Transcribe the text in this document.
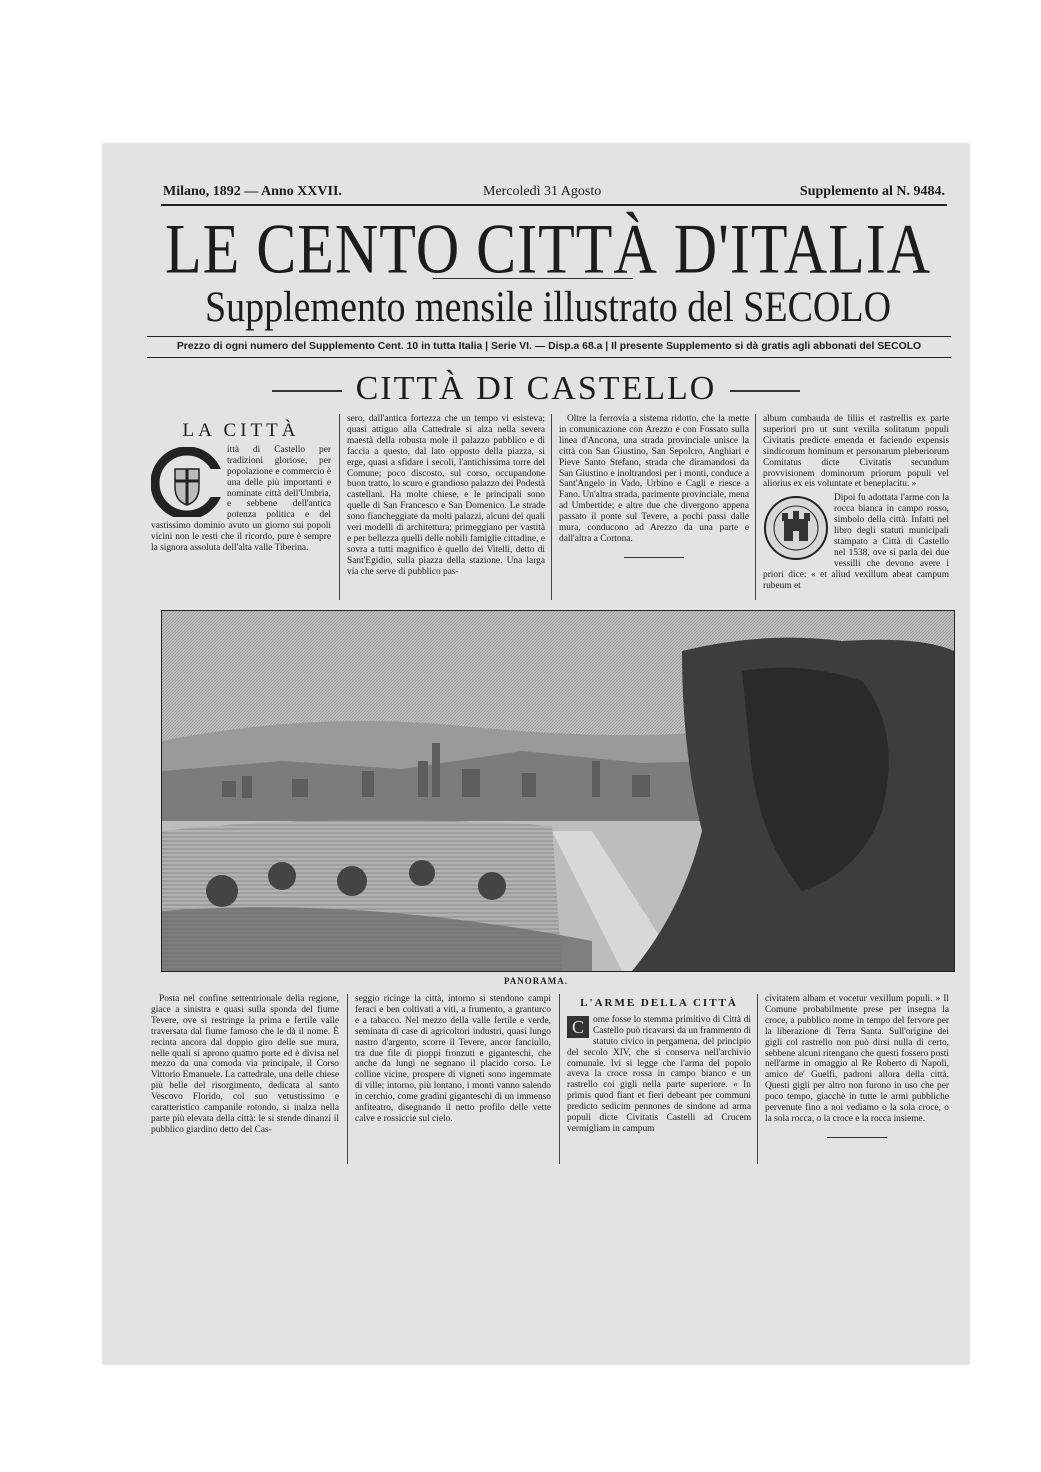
Milano, 1892 — Anno XXVII.	Mercoledì 31 Agosto	Supplemento al N. 9484.
LE CENTO CITTÀ D'ITALIA
Supplemento mensile illustrato del SECOLO
Prezzo di ogni numero del Supplemento Cent. 10 in tutta Italia | Serie VI. — Disp.a 68.a | Il presente Supplemento si dà gratis agli abbonati del SECOLO
CITTÀ DI CASTELLO
LA CITTÀ

ittà di Castello per tradizioni gloriose, per popolazione e commercio è una delle più importanti e nominate città dell'Umbria, e sebbene dell'antica potenza politica e del vastissimo dominio avuto un giorno sui popoli vicini non le resti che il ricordo, pure è sempre la signora assoluta dell'alta valle Tiberina.

sero, dall'antica fortezza che un tempo vi esisteva; quasi attiguo alla Cattedrale si alza nella severa maestà della robusta mole il palazzo pubblico e di faccia a questo, dal lato opposto della piazza, si erge, quasi a sfidare i secoli, l'antichissima torre del Comune; poco discosto, sul corso, occupandone buon tratto, lo scuro e grandioso palazzo dei Podestà castellani. Ha molte chiese, e le principali sono quelle di San Francesco e San Domenico. Le strade sono fiancheggiate da molti palazzi, alcuni dei quali veri modelli di architettura; primeggiano per vastità e per bellezza quelli delle nobili famiglie cittadine, e sovra a tutti magnifico è quello dei Vitelli, detto di Sant'Egidio, sulla piazza della stazione. Una larga via che serve di pubblico pas-

Oltre la ferrovia a sistema ridotto, che la mette in comunicazione con Arezzo e con Fossato sulla linea d'Ancona, una strada provinciale unisce la città con San Giustino, San Sepolcro, Anghiari e Pieve Santo Stefano, strada che diramandosi da San Giustino e inoltrandosi per i monti, conduce a Sant'Angelo in Vado, Urbino e Cagli e riesce a Fano. Un'altra strada, parimente provinciale, mena ad Umbertide; e altre due che divergono appena passato il ponte sul Tevere, a pochi passi dalle mura, conducono ad Arezzo da una parte e dall'altra a Cortona.

album cumbauda de liliis et rastrellis ex parte superiori pro ut sunt vexilla solitatum populi Civitatis predicte emenda et faciendo expensis sindicorum hominum et personarum pleberiorum Comitatus dicte Civitatis secundum provvisionem dominorum priorum populi vel aliorius ex eis voluntate et beneplacitu. »

Dipoi fu adottata l'arme con la rocca bianca in campo rosso, simbolo della città. Infatti nel libro degli statuti municipali stampato a Città di Castello nel 1538, ove si parla dei due vessilli che devono avere i priori dice: « et aliud vexillum abeat campum rubeum et

PANORAMA.

Posta nel confine settentrionale della regione, giace a sinistra e quasi sulla sponda del fiume Tevere, ove si restringe la prima e fertile valle traversata dal fiume famoso che le dà il nome. È recinta ancora dal doppio giro delle sue mura, nelle quali si aprono quattro porte ed è divisa nel mezzo da una comoda via principale, il Corso Vittorio Emanuele. La cattedrale, una delle chiese più belle del risorgimento, dedicata al santo Vescovo Florido, col suo vetustissimo e caratteristico campanile rotondo, si inalza nella parte più elevata della città: le si stende dinanzi il pubblico giardino detto del Cas-

seggio ricinge la città, intorno si stendono campi feraci e ben coltivati a viti, a frumento, a granturco e a tabacco. Nel mezzo della valle fertile e verde, seminata di case di agricoltori industri, quasi lungo nastro d'argento, scorre il Tevere, ancor fanciullo, tra due file di pioppi fronzuti e giganteschi, che anche da lungi ne segnano il placido corso. Le colline vicine, prospere di vigneti sono ingemmate di ville; intorno, più lontano, i monti vanno salendo in cerchio, come gradini giganteschi di un immenso anfiteatro, disegnando il netto profilo delle vette calve e rossiccie sul cielo.

L'ARME DELLA CITTÀ
C ome fosse lo stemma primitivo di Città di Castello può ricavarsi da un frammento di statuto civico in pergamena, del principio del secolo XIV, che si conserva nell'archivio comunale. Ivi si legge che l'arma del popolo aveva la croce rossa in campo bianco e un rastrello coi gigli nella parte superiore. « In primis quod fiant et fieri debeant per communi predicto sedicim pennones de sindone ad arma populi dicte Civitatis Castelli ad Crucem vermigliam in campum

civitatem albam et vocetur vexillum populi. » Il Comune probabilmente prese per insegna la croce, a pubblico nome in tempo del fervore per la liberazione di Terra Santa. Sull'origine dei gigli col rastrello non può dirsi nulla di certo, sebbene alcuni ritengano che questi fossero posti nell'arme in omaggio al Re Roberto di Napoli, amico de' Guelfi, padroni allora della città. Questi gigli per altro non furono in uso che per poco tempo, giacchè in tutte le armi pubbliche pervenute fino a noi vediamo o la sola croce, o la sola rocca, o la croce e la rocca insieme.
